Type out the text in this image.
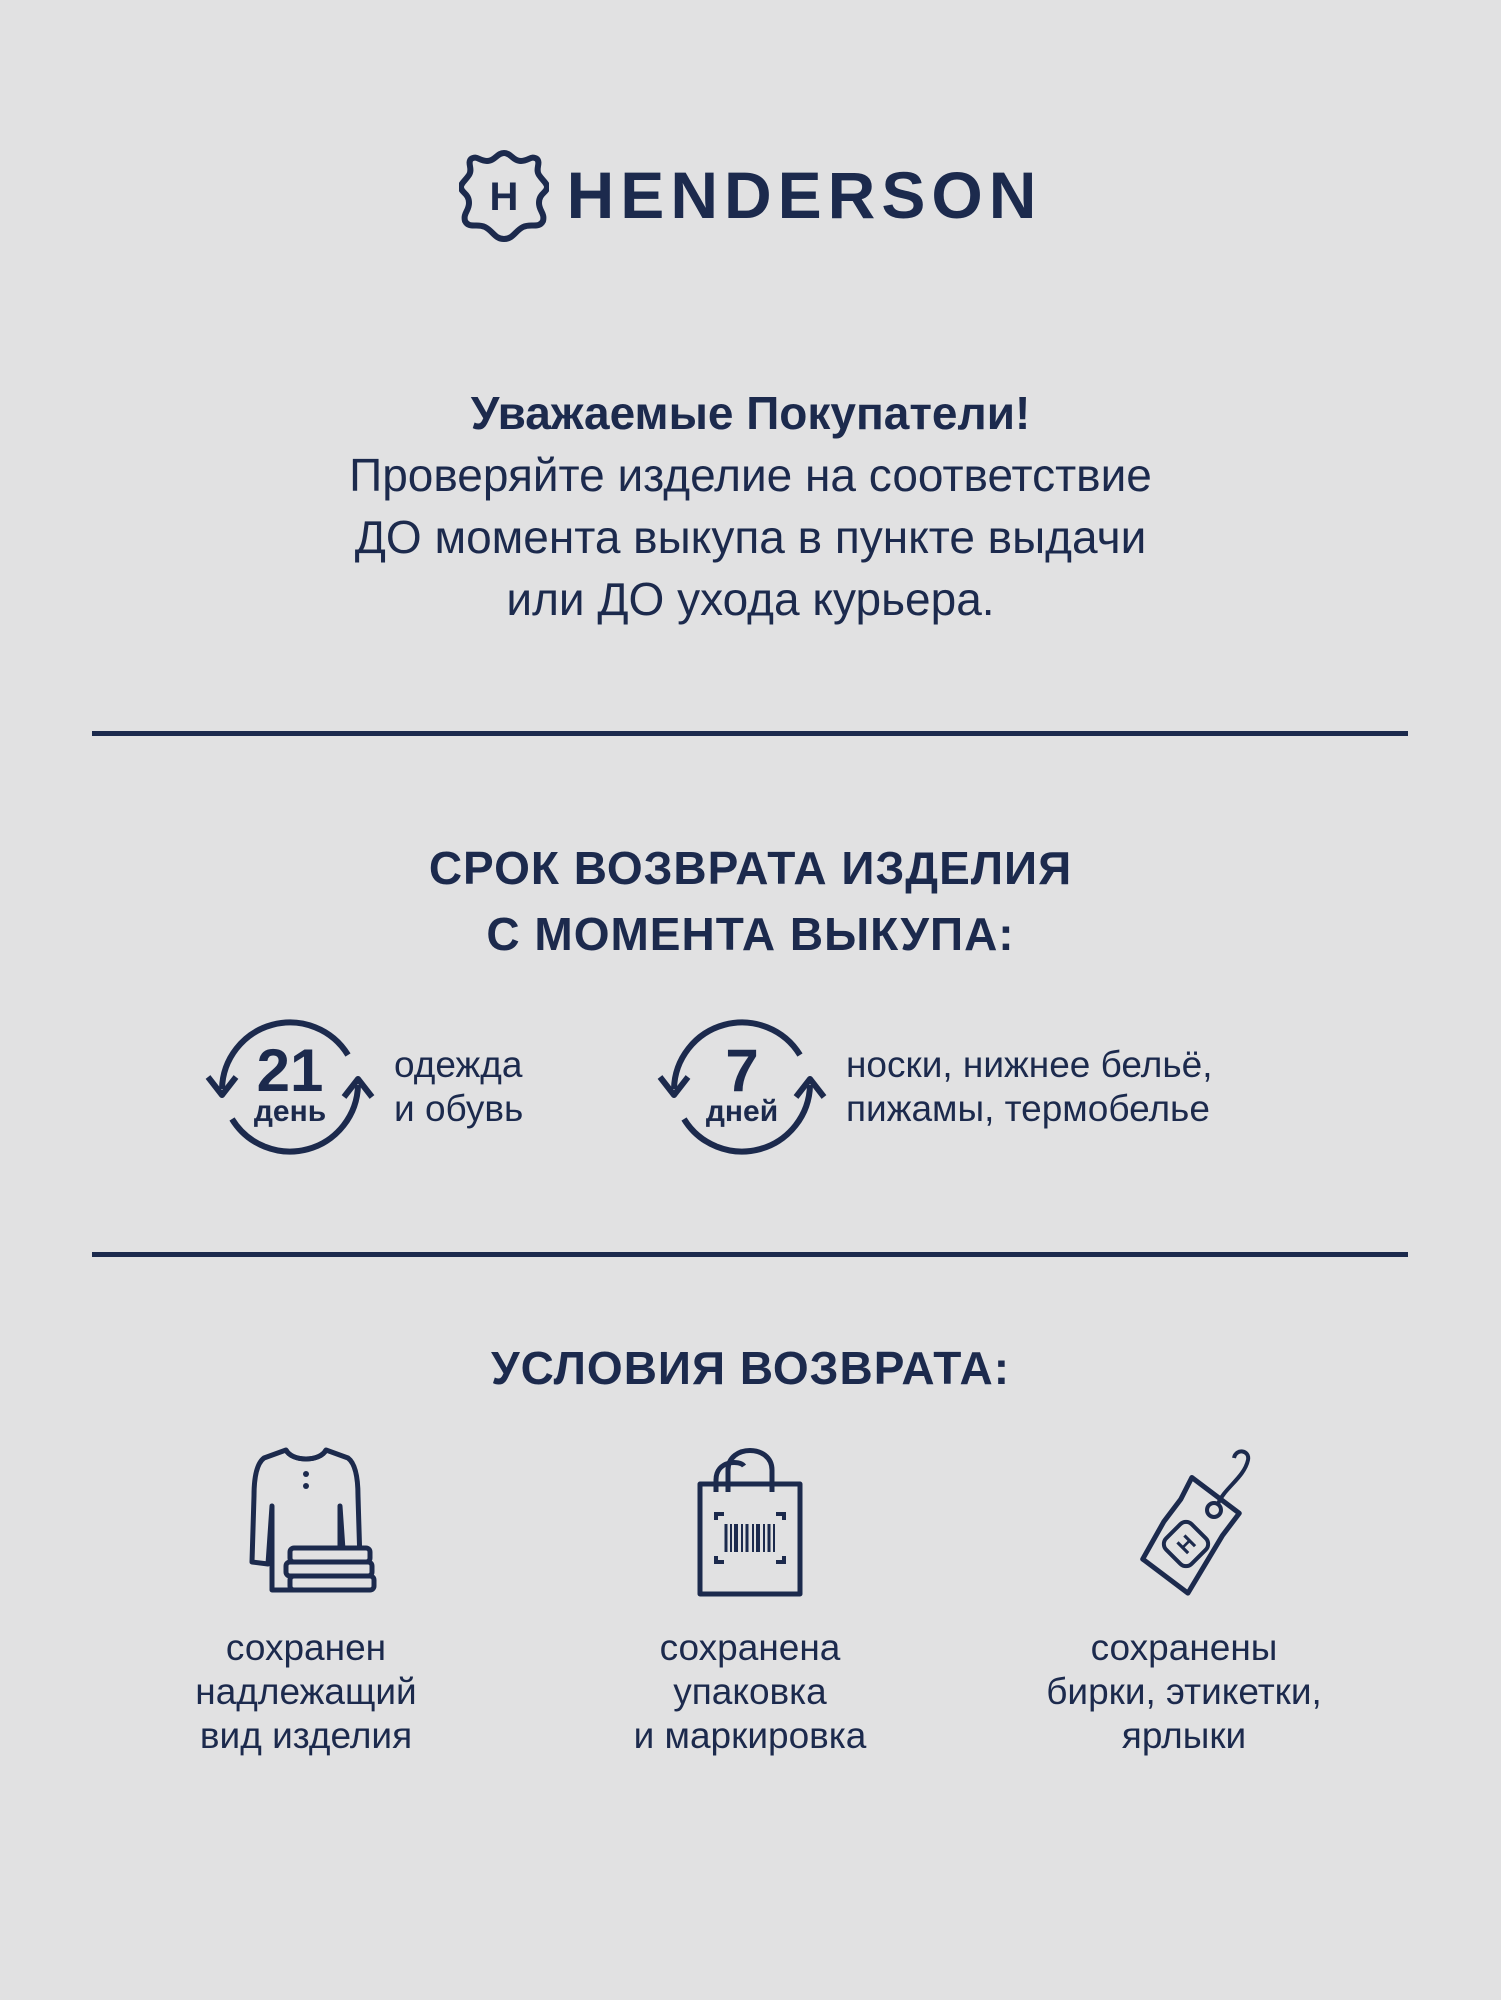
H HENDERSON

Уважаемые Покупатели!

Проверяйте изделие на соответствие

ДО момента выкупа в пункте выдачи

или ДО ухода курьера.

СРОК ВОЗВРАТА ИЗДЕЛИЯ
С МОМЕНТА ВЫКУПА:
21
день
одежда
и обувь
7
дней
носки, нижнее бельё,
пижамы, термобелье
УСЛОВИЯ ВОЗВРАТА:
сохранен
надлежащий
вид изделия
сохранена
упаковка
и маркировка
H
сохранены
бирки, этикетки,
ярлыки
